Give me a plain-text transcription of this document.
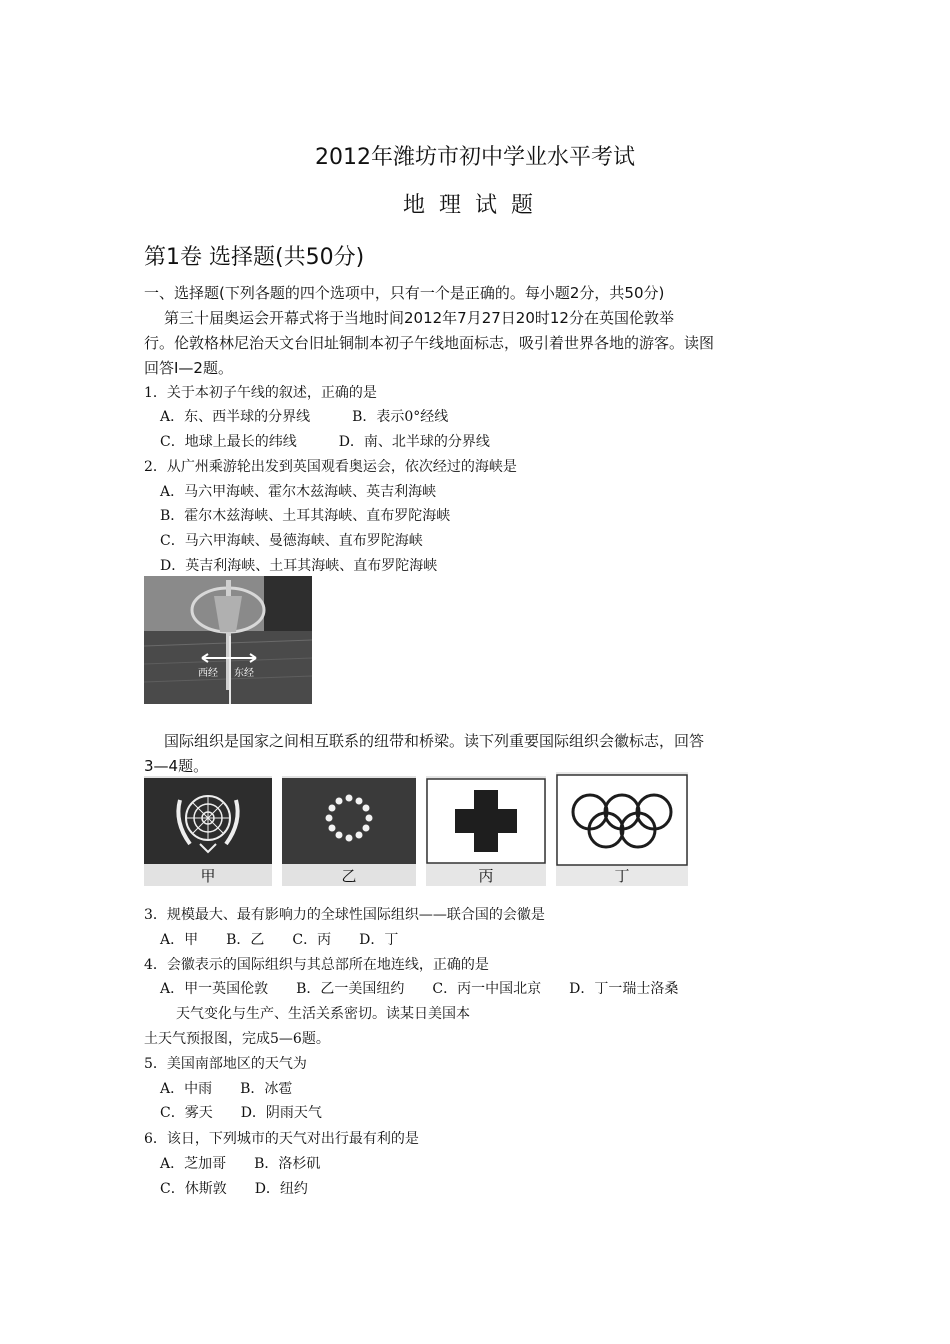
2012年潍坊市初中学业水平考试
地理试题
第1卷 选择题(共50分)
一、选择题(下列各题的四个选项中，只有一个是正确的。每小题2分，共50分)
第三十届奥运会开幕式将于当地时间2012年7月27日20时12分在英国伦敦举
行。伦敦格林尼治天文台旧址铜制本初子午线地面标志，吸引着世界各地的游客。读图
回答I—2题。
1．关于本初子午线的叙述，正确的是
A．东、西半球的分界线　　　B．表示0°经线
C．地球上最长的纬线　　　D．南、北半球的分界线
2．从广州乘游轮出发到英国观看奥运会，依次经过的海峡是
A．马六甲海峡、霍尔木兹海峡、英吉利海峡
B．霍尔木兹海峡、土耳其海峡、直布罗陀海峡
C．马六甲海峡、曼德海峡、直布罗陀海峡
D．英吉利海峡、土耳其海峡、直布罗陀海峡
西经 东经
国际组织是国家之间相互联系的纽带和桥梁。读下列重要国际组织会徽标志，回答
3—4题。
甲	乙	丙	丁
3．规模最大、最有影响力的全球性国际组织——联合国的会徽是
A．甲　　B．乙　　C．丙　　D．丁
4．会徽表示的国际组织与其总部所在地连线，正确的是
A．甲一英国伦敦　　B．乙一美国纽约　　C．丙一中国北京　　D．丁一瑞士洛桑
天气变化与生产、生活关系密切。读某日美国本
土天气预报图，完成5—6题。
5．美国南部地区的天气为
A．中雨　　B．冰雹
C．雾天　　D．阴雨天气
6．该日，下列城市的天气对出行最有利的是
A．芝加哥　　B．洛杉矶
C．休斯敦　　D．纽约
